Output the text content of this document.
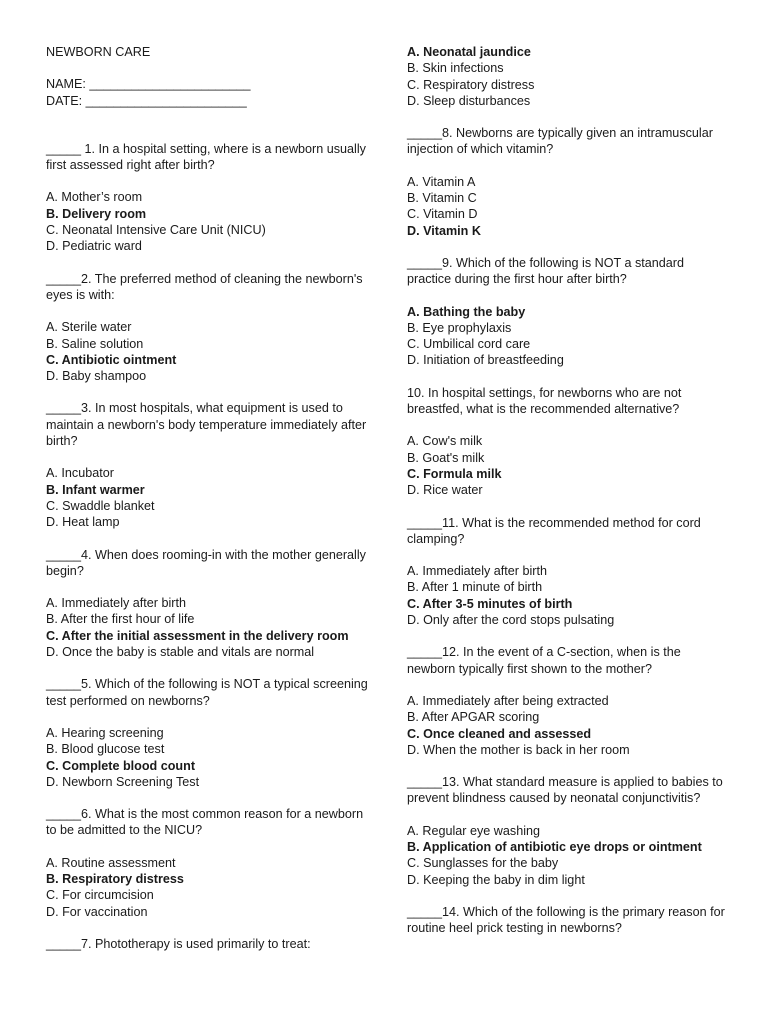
NEWBORN CARE

NAME: _______________________

DATE: _______________________

_____ 1. In a hospital setting, where is a newborn usually first assessed right after birth?

A. Mother’s room

B. Delivery room

C. Neonatal Intensive Care Unit (NICU)

D. Pediatric ward

_____2. The preferred method of cleaning the newborn's eyes is with:

A. Sterile water

B. Saline solution

C. Antibiotic ointment

D. Baby shampoo

_____3. In most hospitals, what equipment is used to maintain a newborn's body temperature immediately after birth?

A. Incubator

B. Infant warmer

C. Swaddle blanket

D. Heat lamp

_____4. When does rooming-in with the mother generally begin?

A. Immediately after birth

B. After the first hour of life

C. After the initial assessment in the delivery room

D. Once the baby is stable and vitals are normal

_____5. Which of the following is NOT a typical screening test performed on newborns?

A. Hearing screening

B. Blood glucose test

C. Complete blood count

D. Newborn Screening Test

_____6. What is the most common reason for a newborn to be admitted to the NICU?

A. Routine assessment

B. Respiratory distress

C. For circumcision

D. For vaccination

_____7. Phototherapy is used primarily to treat:

A. Neonatal jaundice

B. Skin infections

C. Respiratory distress

D. Sleep disturbances

_____8. Newborns are typically given an intramuscular injection of which vitamin?

A. Vitamin A

B. Vitamin C

C. Vitamin D

D. Vitamin K

_____9. Which of the following is NOT a standard practice during the first hour after birth?

A. Bathing the baby

B. Eye prophylaxis

C. Umbilical cord care

D. Initiation of breastfeeding

10. In hospital settings, for newborns who are not breastfed, what is the recommended alternative?

A. Cow's milk

B. Goat's milk

C. Formula milk

D. Rice water

_____11. What is the recommended method for cord clamping?

A. Immediately after birth

B. After 1 minute of birth

C. After 3-5 minutes of birth

D. Only after the cord stops pulsating

_____12. In the event of a C-section, when is the newborn typically first shown to the mother?

A. Immediately after being extracted

B. After APGAR scoring

C. Once cleaned and assessed

D. When the mother is back in her room

_____13. What standard measure is applied to babies to prevent blindness caused by neonatal conjunctivitis?

A. Regular eye washing

B. Application of antibiotic eye drops or ointment

C. Sunglasses for the baby

D. Keeping the baby in dim light

_____14. Which of the following is the primary reason for routine heel prick testing in newborns?
